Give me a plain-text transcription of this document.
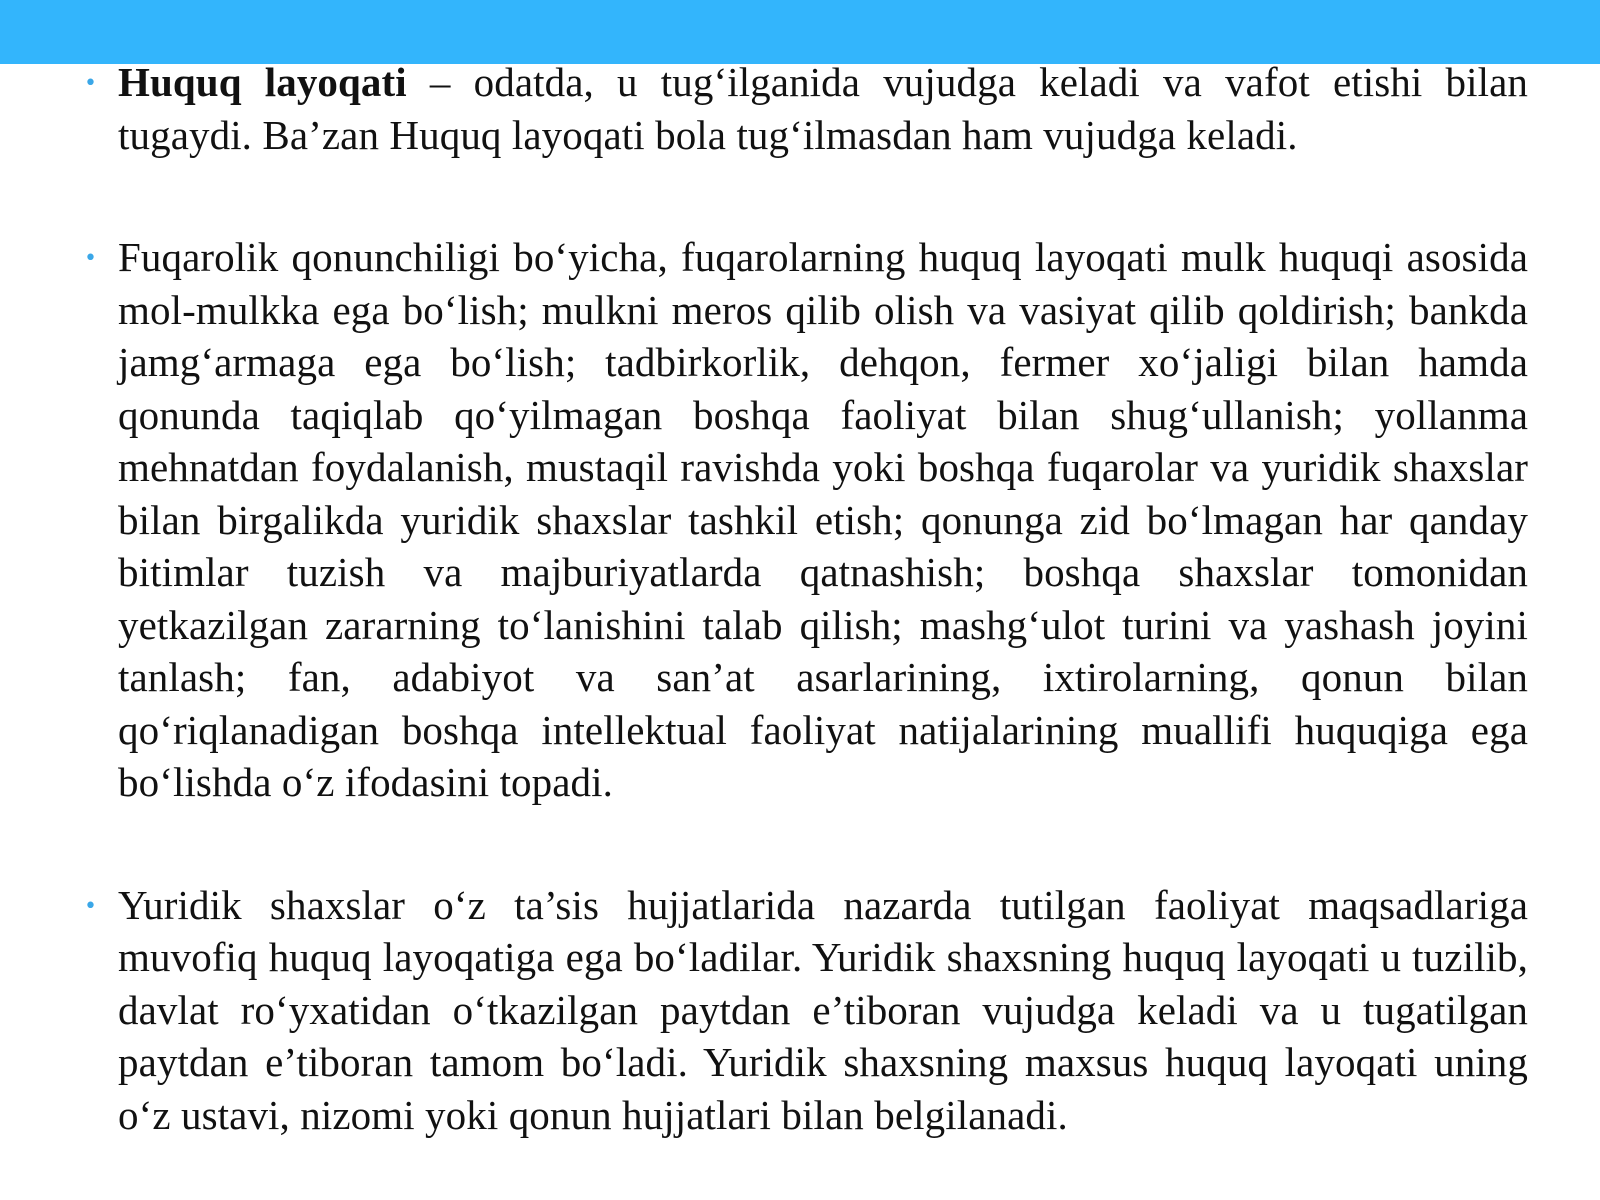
• Huquq layoqati – odatda, u tug‘ilganida vujudga keladi va vafot etishi bilan tugaydi. Ba’zan Huquq layoqati bola tug‘ilmasdan ham vujudga keladi.

• Fuqarolik qonunchiligi bo‘yicha, fuqarolarning huquq layoqati mulk huquqi asosida mol-mulkka ega bo‘lish; mulkni meros qilib olish va vasiyat qilib qoldirish; bankda jamg‘armaga ega bo‘lish; tadbirkorlik, dehqon, fermer xo‘jaligi bilan hamda qonunda taqiqlab qo‘yilmagan boshqa faoliyat bilan shug‘ullanish; yollanma mehnatdan foydalanish, mustaqil ravishda yoki boshqa fuqarolar va yuridik shaxslar bilan birgalikda yuridik shaxslar tashkil etish; qonunga zid bo‘lmagan har qanday bitimlar tuzish va majburiyatlarda qatnashish; boshqa shaxslar tomonidan yetkazilgan zararning to‘lanishini talab qilish; mashg‘ulot turini va yashash joyini tanlash; fan, adabiyot va san’at asarlarining, ixtirolarning, qonun bilan qo‘riqlanadigan boshqa intellektual faoliyat natijalarining muallifi huquqiga ega bo‘lishda o‘z ifodasini topadi.

• Yuridik shaxslar o‘z ta’sis hujjatlarida nazarda tutilgan faoliyat maqsadlariga muvofiq huquq layoqatiga ega bo‘ladilar. Yuridik shaxsning huquq layoqati u tuzilib, davlat ro‘yxatidan o‘tkazilgan paytdan e’tiboran vujudga keladi va u tugatilgan paytdan e’tiboran tamom bo‘ladi. Yuridik shaxsning maxsus huquq layoqati uning o‘z ustavi, nizomi yoki qonun hujjatlari bilan belgilanadi.
